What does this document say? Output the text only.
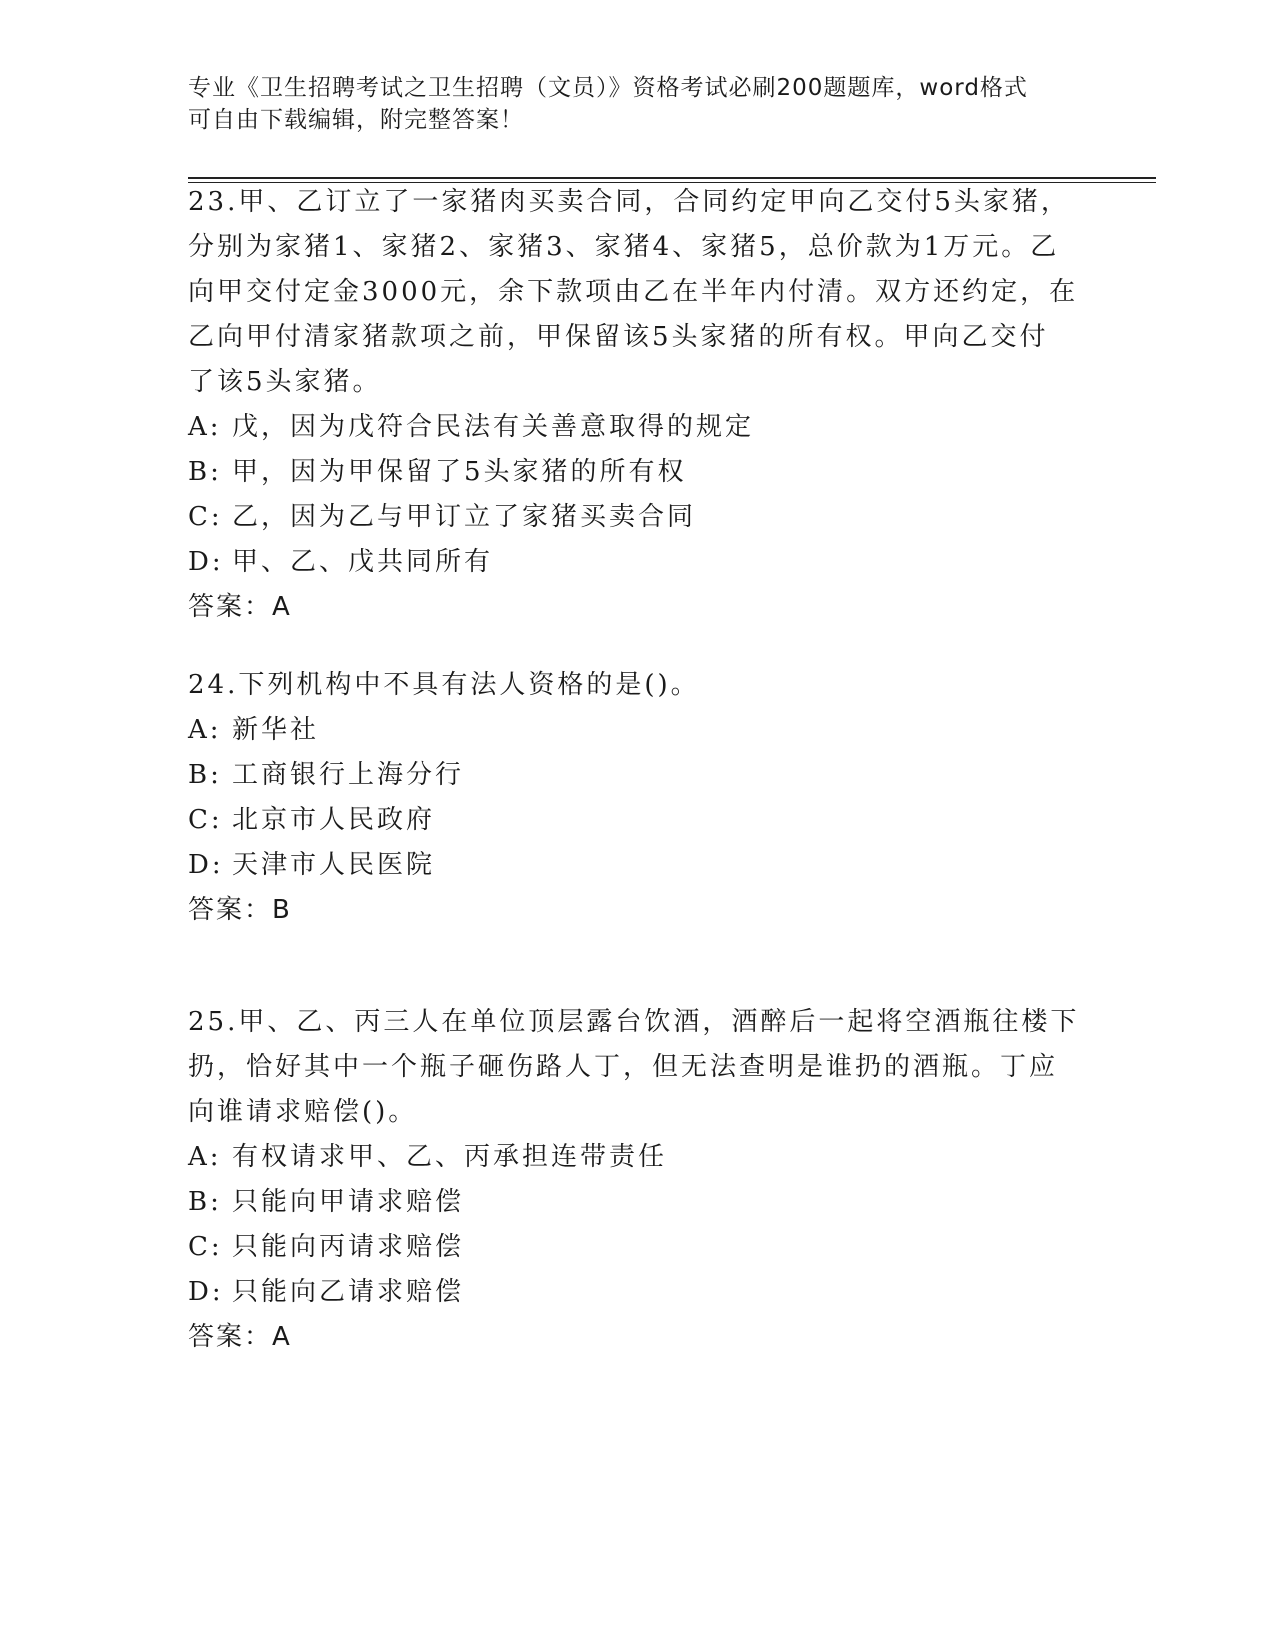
专业《卫生招聘考试之卫生招聘（文员）》资格考试必刷200题题库，word格式
可自由下载编辑，附完整答案！
23.甲、乙订立了一家猪肉买卖合同，合同约定甲向乙交付5头家猪，
分别为家猪1、家猪2、家猪3、家猪4、家猪5，总价款为1万元。乙
向甲交付定金3000元，余下款项由乙在半年内付清。双方还约定，在
乙向甲付清家猪款项之前，甲保留该5头家猪的所有权。甲向乙交付
了该5头家猪。
A: 戊，因为戊符合民法有关善意取得的规定
B: 甲，因为甲保留了5头家猪的所有权
C: 乙，因为乙与甲订立了家猪买卖合同
D: 甲、乙、戊共同所有
答案：A
24.下列机构中不具有法人资格的是()。
A: 新华社
B: 工商银行上海分行
C: 北京市人民政府
D: 天津市人民医院
答案：B
25.甲、乙、丙三人在单位顶层露台饮酒，酒醉后一起将空酒瓶往楼下
扔，恰好其中一个瓶子砸伤路人丁，但无法查明是谁扔的酒瓶。丁应
向谁请求赔偿()。
A: 有权请求甲、乙、丙承担连带责任
B: 只能向甲请求赔偿
C: 只能向丙请求赔偿
D: 只能向乙请求赔偿
答案：A
